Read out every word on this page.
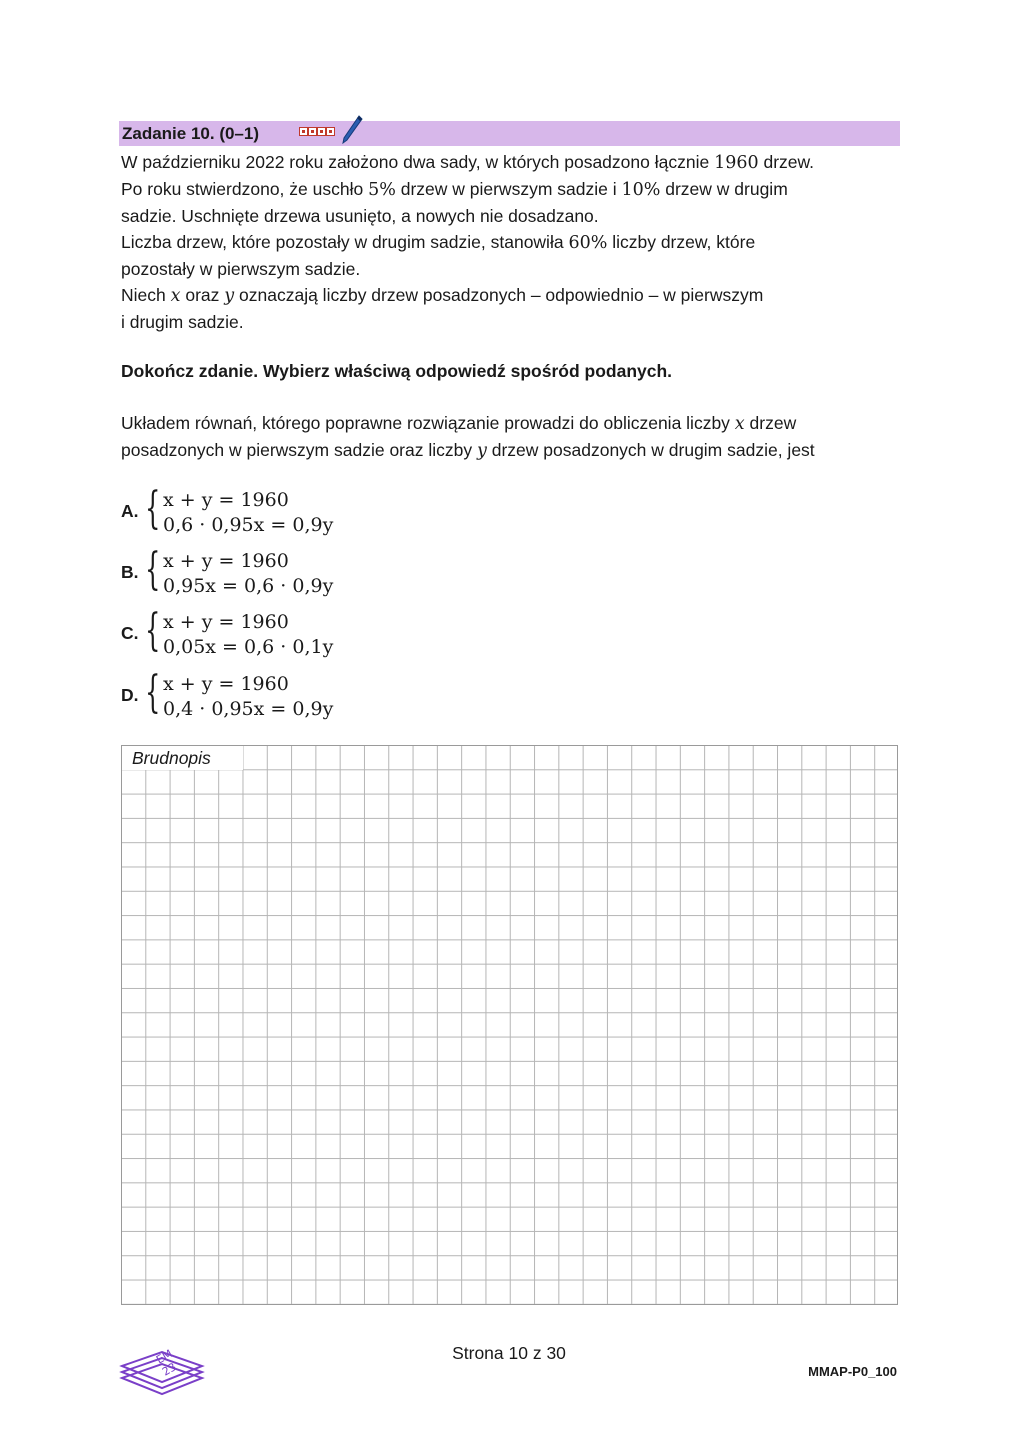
Zadanie 10. (0–1)
W październiku 2022 roku założono dwa sady, w których posadzono łącznie 1960 drzew.
Po roku stwierdzono, że uschło 5% drzew w pierwszym sadzie i 10% drzew w drugim
sadzie. Uschnięte drzewa usunięto, a nowych nie dosadzano.
Liczba drzew, które pozostały w drugim sadzie, stanowiła 60% liczby drzew, które
pozostały w pierwszym sadzie.
Niech x oraz y oznaczają liczby drzew posadzonych – odpowiednio – w pierwszym
i drugim sadzie.
Dokończ zdanie. Wybierz właściwą odpowiedź spośród podanych.
Układem równań, którego poprawne rozwiązanie prowadzi do obliczenia liczby x drzew
posadzonych w pierwszym sadzie oraz liczby y drzew posadzonych w drugim sadzie, jest
A. { x + y = 1960
0,6 · 0,95x = 0,9y
B. { x + y = 1960
0,95x = 0,6 · 0,9y
C. { x + y = 1960
0,05x = 0,6 · 0,1y
D. { x + y = 1960
0,4 · 0,95x = 0,9y
Brudnopis
EM
23
Strona 10 z 30
MMAP-P0_100
